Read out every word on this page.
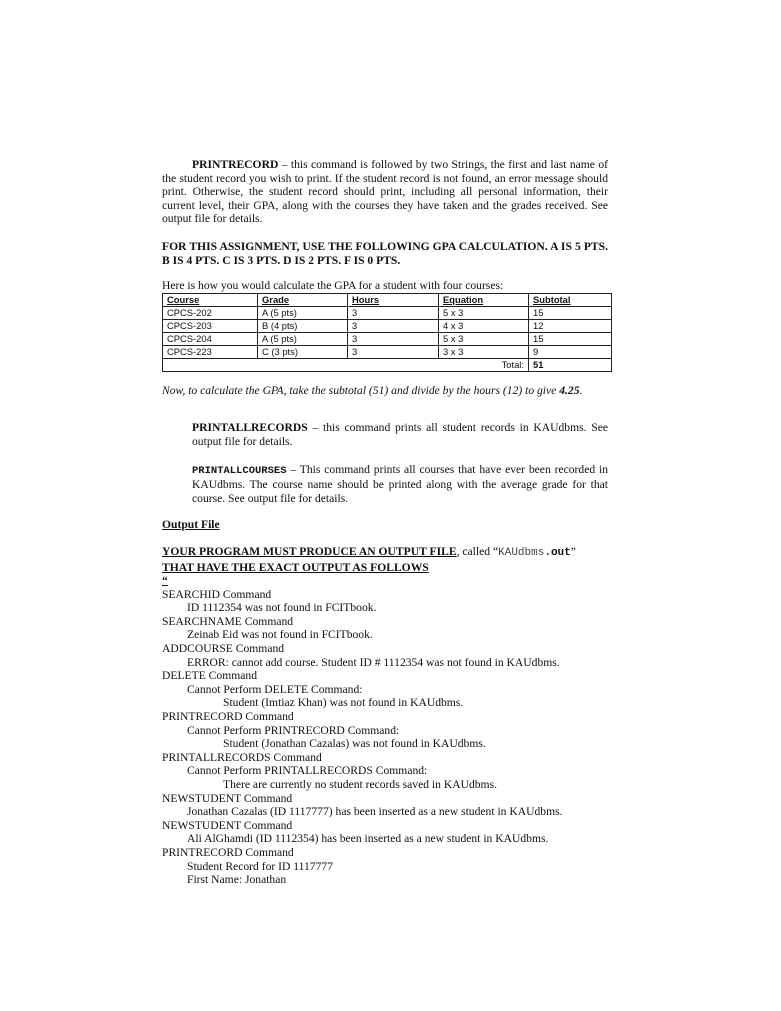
PRINTRECORD – this command is followed by two Strings, the first and last name of the student record you wish to print. If the student record is not found, an error message should print. Otherwise, the student record should print, including all personal information, their current level, their GPA, along with the courses they have taken and the grades received. See output file for details.
FOR THIS ASSIGNMENT, USE THE FOLLOWING GPA CALCULATION. A IS 5 PTS. B IS 4 PTS. C IS 3 PTS. D IS 2 PTS. F IS 0 PTS.
Here is how you would calculate the GPA for a student with four courses:
Course	Grade	Hours	Equation	Subtotal
CPCS-202	A (5 pts)	3	5 x 3	15
CPCS-203	B (4 pts)	3	4 x 3	12
CPCS-204	A (5 pts)	3	5 x 3	15
CPCS-223	C (3 pts)	3	3 x 3	9
Total:				51
Now, to calculate the GPA, take the subtotal (51) and divide by the hours (12) to give 4.25.
PRINTALLRECORDS – this command prints all student records in KAUdbms. See output file for details.
PRINTALLCOURSES – This command prints all courses that have ever been recorded in KAUdbms. The course name should be printed along with the average grade for that course. See output file for details.
Output File
YOUR PROGRAM MUST PRODUCE AN OUTPUT FILE, called “KAUdbms.out”
THAT HAVE THE EXACT OUTPUT AS FOLLOWS
“
SEARCHID Command
ID 1112354 was not found in FCITbook.
SEARCHNAME Command
Zeinab Eid was not found in FCITbook.
ADDCOURSE Command
ERROR: cannot add course. Student ID # 1112354 was not found in KAUdbms.
DELETE Command
Cannot Perform DELETE Command:
Student (Imtiaz Khan) was not found in KAUdbms.
PRINTRECORD Command
Cannot Perform PRINTRECORD Command:
Student (Jonathan Cazalas) was not found in KAUdbms.
PRINTALLRECORDS Command
Cannot Perform PRINTALLRECORDS Command:
There are currently no student records saved in KAUdbms.
NEWSTUDENT Command
Jonathan Cazalas (ID 1117777) has been inserted as a new student in KAUdbms.
NEWSTUDENT Command
Ali AlGhamdi (ID 1112354) has been inserted as a new student in KAUdbms.
PRINTRECORD Command
Student Record for ID 1117777
First Name: Jonathan
